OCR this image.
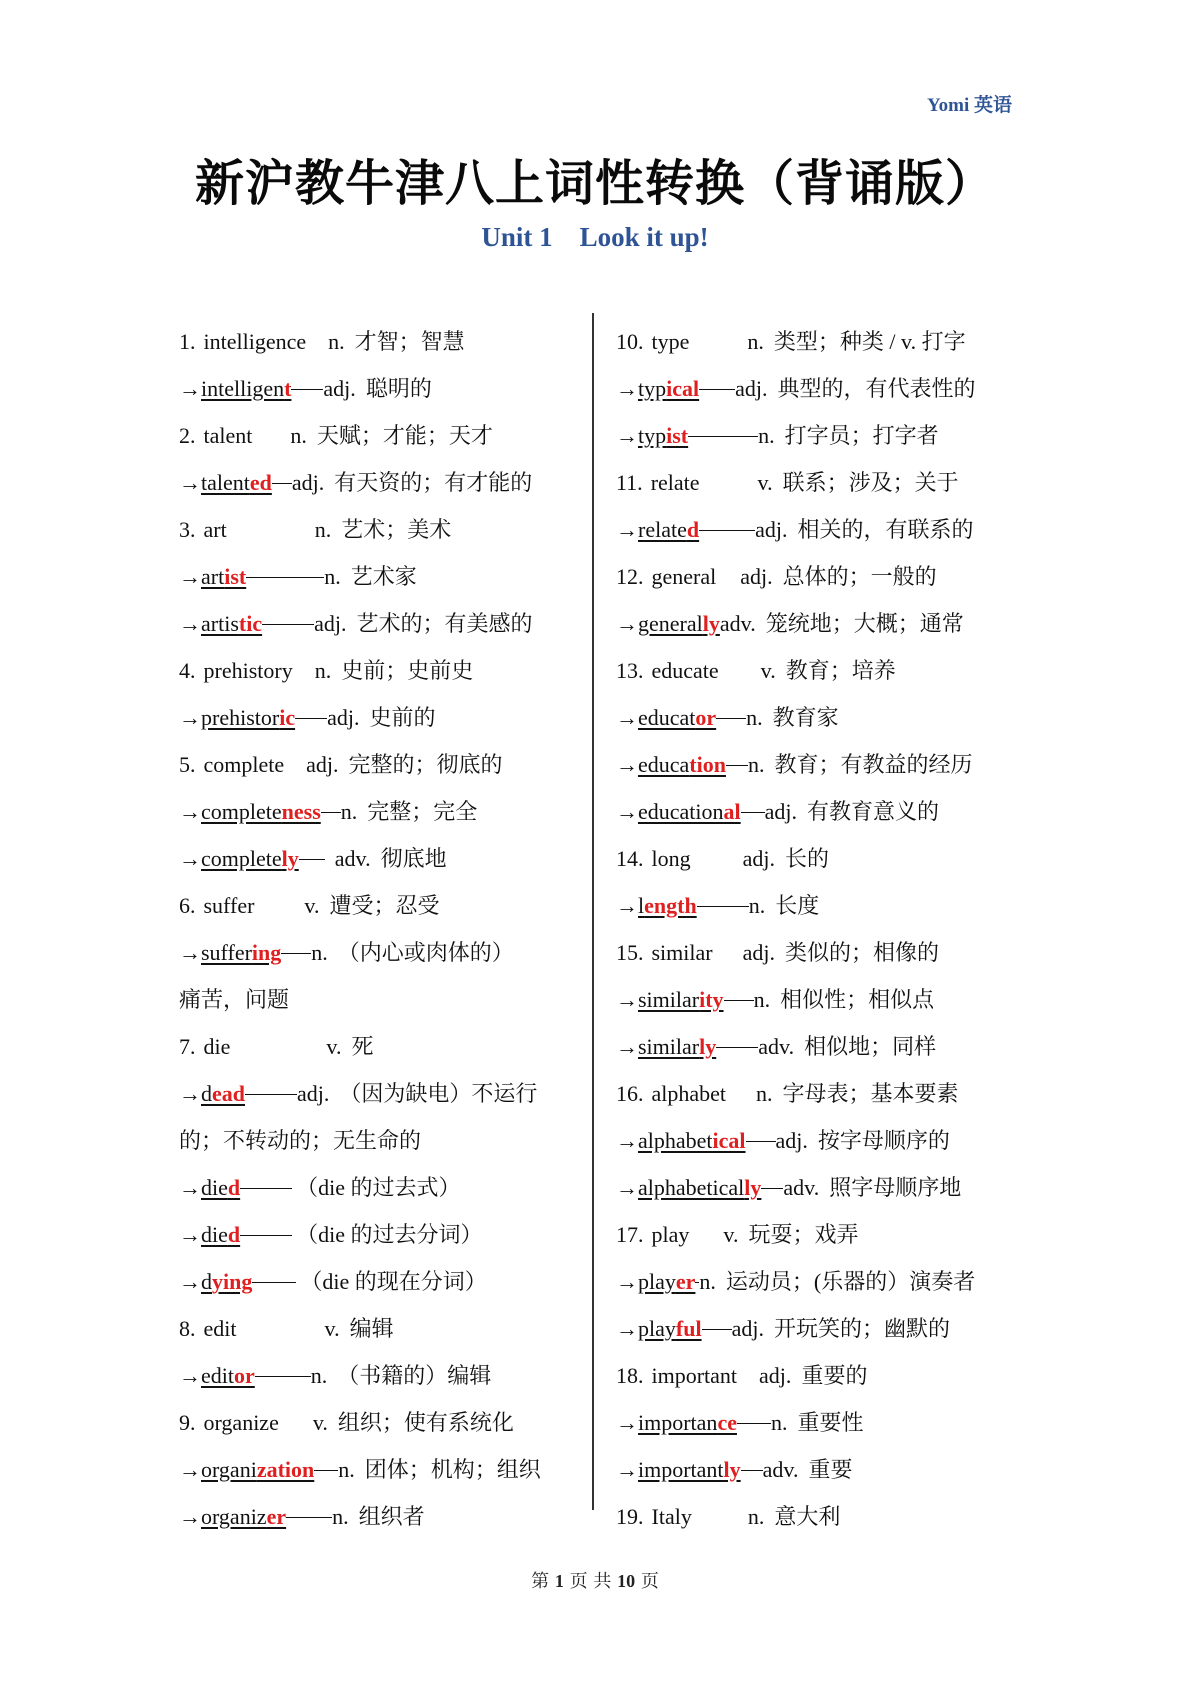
Yomi 英语
新沪教牛津八上词性转换（背诵版）
Unit 1    Look it up!
1. intelligence n. 才智；智慧
→intelligent adj. 聪明的
2. talent n. 天赋；才能；天才
→talented adj. 有天资的；有才能的
3. art	n. 艺术；美术
→artist	n. 艺术家
→artistic adj. 艺术的；有美感的
4. prehistory n. 史前；史前史
→prehistoric adj. 史前的
5. complete adj. 完整的；彻底的
→completeness n. 完整；完全
→completely adv. 彻底地
6. suffer v. 遭受；忍受
→suffering n. （内心或肉体的）
痛苦，问题
7. die	v. 死
→dead adj. （因为缺电）不运行
的；不转动的；无生命的
→died	（die 的过去式）
→died	（die 的过去分词）
→dying （die 的现在分词）
8. edit	v. 编辑
→editor	n. （书籍的）编辑
9. organize v. 组织；使有系统化
→organization n. 团体；机构；组织
→organizer n. 组织者
10. type	n. 类型；种类 / v. 打字
→typical adj. 典型的，有代表性的
→typist	n. 打字员；打字者
11. relate	v. 联系；涉及；关于
→related	adj. 相关的，有联系的
12. general adj. 总体的；一般的
→generallyadv. 笼统地；大概；通常
13. educate v. 教育；培养
→educator n. 教育家
→education n. 教育；有教益的经历
→educational adj. 有教育意义的
14. long adj. 长的
→length n. 长度
15. similar adj. 类似的；相像的
→similarity n. 相似性；相似点
→similarly adv. 相似地；同样
16. alphabet n. 字母表；基本要素
→alphabetical adj. 按字母顺序的
→alphabetically adv. 照字母顺序地
17. play v. 玩耍；戏弄
→player n. 运动员；(乐器的）演奏者
→playful adj. 开玩笑的；幽默的
18. important adj. 重要的
→importance n. 重要性
→importantly adv. 重要
19. Italy	n. 意大利
第 1 页 共 10 页
